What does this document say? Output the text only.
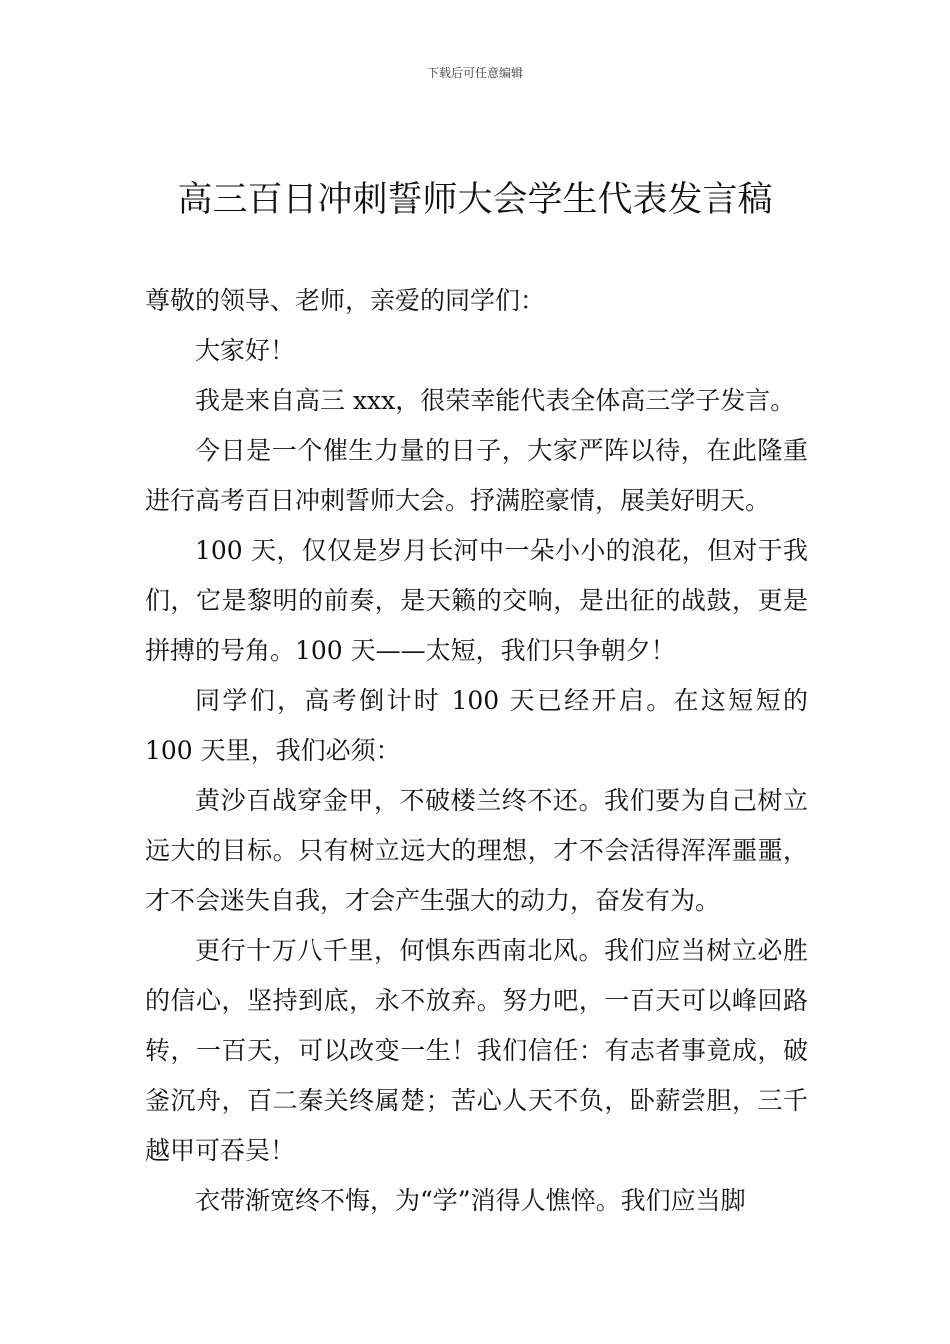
下载后可任意编辑
高三百日冲刺誓师大会学生代表发言稿

尊敬的领导、老师，亲爱的同学们：

大家好！

我是来自高三 xxx，很荣幸能代表全体高三学子发言。

今日是一个催生力量的日子，大家严阵以待，在此隆重进行高考百日冲刺誓师大会。抒满腔豪情，展美好明天。

100 天，仅仅是岁月长河中一朵小小的浪花，但对于我们，它是黎明的前奏，是天籁的交响，是出征的战鼓，更是拼搏的号角。100 天——太短，我们只争朝夕！

同学们，高考倒计时 100 天已经开启。在这短短的 100 天里，我们必须：

黄沙百战穿金甲，不破楼兰终不还。我们要为自己树立远大的目标。只有树立远大的理想，才不会活得浑浑噩噩，才不会迷失自我，才会产生强大的动力，奋发有为。

更行十万八千里，何惧东西南北风。我们应当树立必胜的信心，坚持到底，永不放弃。努力吧，一百天可以峰回路转，一百天，可以改变一生！我们信任：有志者事竟成，破釜沉舟，百二秦关终属楚；苦心人天不负，卧薪尝胆，三千越甲可吞吴！

衣带渐宽终不悔，为“学”消得人憔悴。我们应当脚
